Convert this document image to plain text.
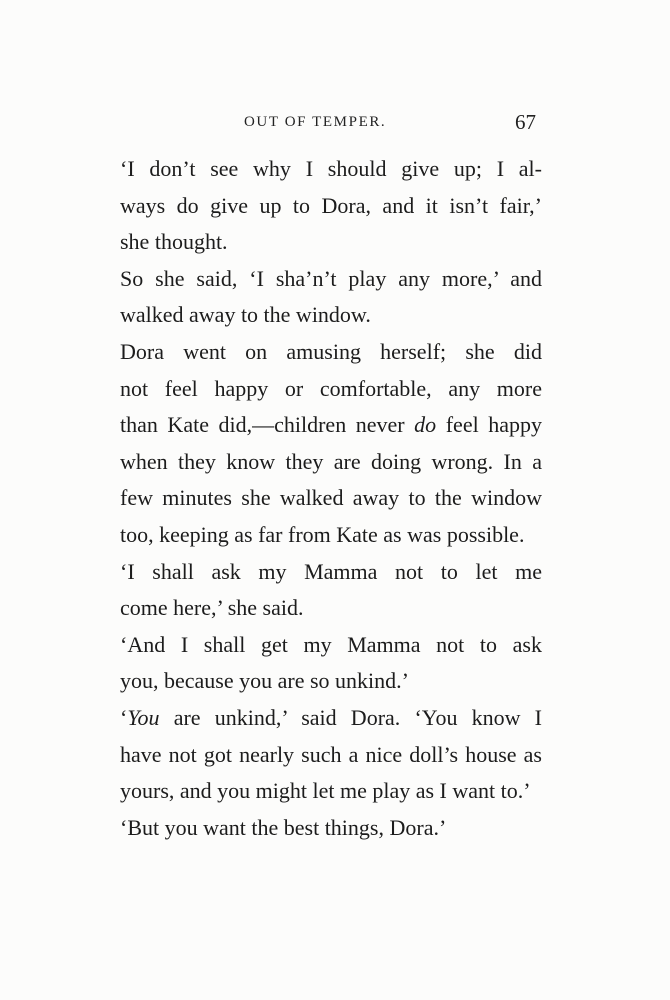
OUT OF TEMPER.	67
‘I don’t see why I should give up; I al-
ways do give up to Dora, and it isn’t fair,’
she thought.
So she said, ‘I sha’n’t play any more,’ and
walked away to the window.
Dora went on amusing herself; she did
not feel happy or comfortable, any more
than Kate did,—children never do feel happy
when they know they are doing wrong. In a
few minutes she walked away to the window
too, keeping as far from Kate as was possible.
‘I shall ask my Mamma not to let me
come here,’ she said.
‘And I shall get my Mamma not to ask
you, because you are so unkind.’
‘You are unkind,’ said Dora. ‘You know I
have not got nearly such a nice doll’s house as
yours, and you might let me play as I want to.’
‘But you want the best things, Dora.’
